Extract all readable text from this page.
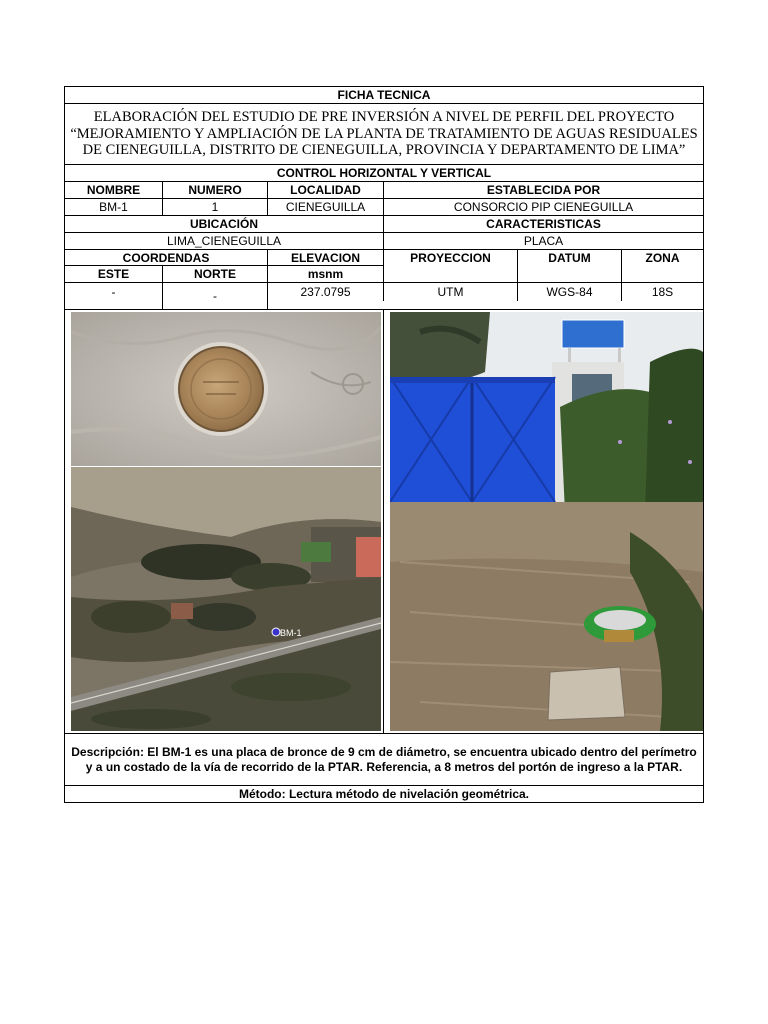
FICHA TECNICA
ELABORACIÓN DEL ESTUDIO DE PRE INVERSIÓN A NIVEL DE PERFIL DEL PROYECTO “MEJORAMIENTO Y AMPLIACIÓN DE LA PLANTA DE TRATAMIENTO DE AGUAS RESIDUALES DE CIENEGUILLA, DISTRITO DE CIENEGUILLA, PROVINCIA Y DEPARTAMENTO DE LIMA”
CONTROL HORIZONTAL Y VERTICAL
NOMBRE	NUMERO	LOCALIDAD	ESTABLECIDA POR
BM-1	1	CIENEGUILLA	CONSORCIO PIP CIENEGUILLA
UBICACIÓN	CARACTERISTICAS
LIMA_CIENEGUILLA	PLACA
COORDENDAS	ELEVACION
ESTE	NORTE	msnm
-	-	237.0795
PROYECCION	DATUM	ZONA
UTM	WGS-84	18S
BM-1
Descripción: El BM-1 es una placa de bronce de 9 cm de diámetro, se encuentra ubicado dentro del perímetro y a un costado de la vía de recorrido de la PTAR. Referencia, a 8 metros del portón de ingreso a la PTAR.
Método: Lectura método de nivelación geométrica.
